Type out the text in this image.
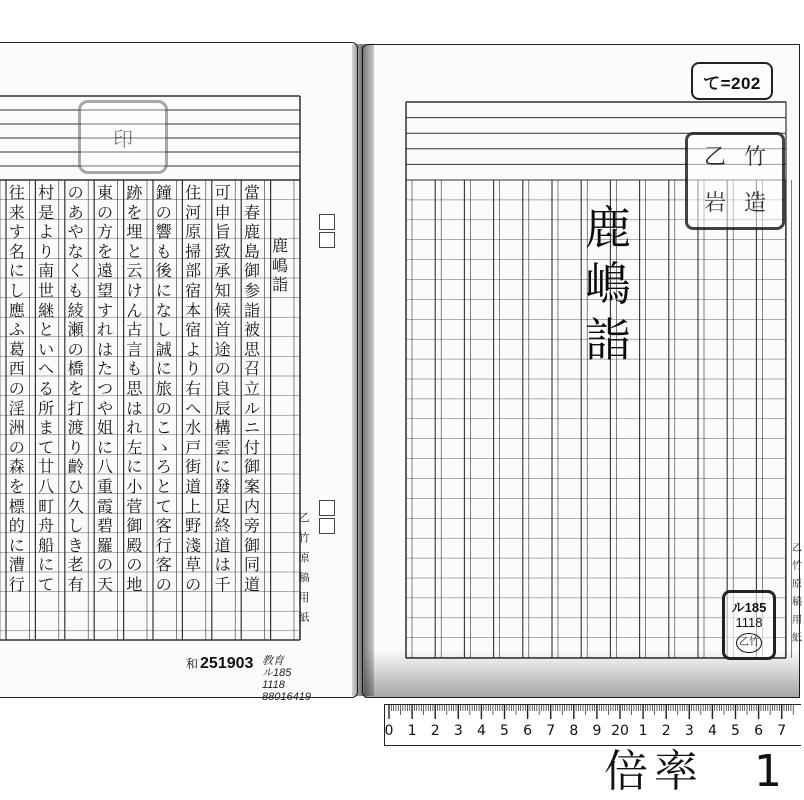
印
當
春
鹿
島
御
参
詣
被
思
召
立
ル
ニ
付
御
案
内
旁
御
同
道
可
申
旨
致
承
知
候
首
途
の
良
辰
構
雲
に
發
足
終
道
は
千
住
河
原
掃
部
宿
本
宿
よ
り
右
へ
水
戸
街
道
上
野
淺
草
の
鐘
の
響
も
後
に
な
し
誠
に
旅
の
こ
ゝ
ろ
と
て
客
行
客
の
跡
を
埋
と
云
け
ん
古
言
も
思
は
れ
左
に
小
菅
御
殿
の
地
東
の
方
を
遠
望
す
れ
は
た
つ
や
姐
に
八
重
霞
碧
羅
の
天
の
あ
や
な
く
も
綾
瀬
の
橋
を
打
渡
り
齡
ひ
久
し
き
老
有
村
是
よ
り
南
世
継
と
い
へ
る
所
ま
て
廿
八
町
舟
船
に
て
往
来
す
名
に
し
應
ふ
葛
西
の
淫
洲
の
森
を
標
的
に
漕
行
鹿
嶋
詣
乙
竹
原
稿
用
紙
和 251903 教育
ル185
1118
88016419
鹿
嶋
詣
て=202
乙 竹
岩 造
ル185
1118
乙竹
乙
竹
原
稿
用
紙
0 1 2 3 4 5 6 7 8 9 20 1 2 3 4 5 6 7
倍率　1
